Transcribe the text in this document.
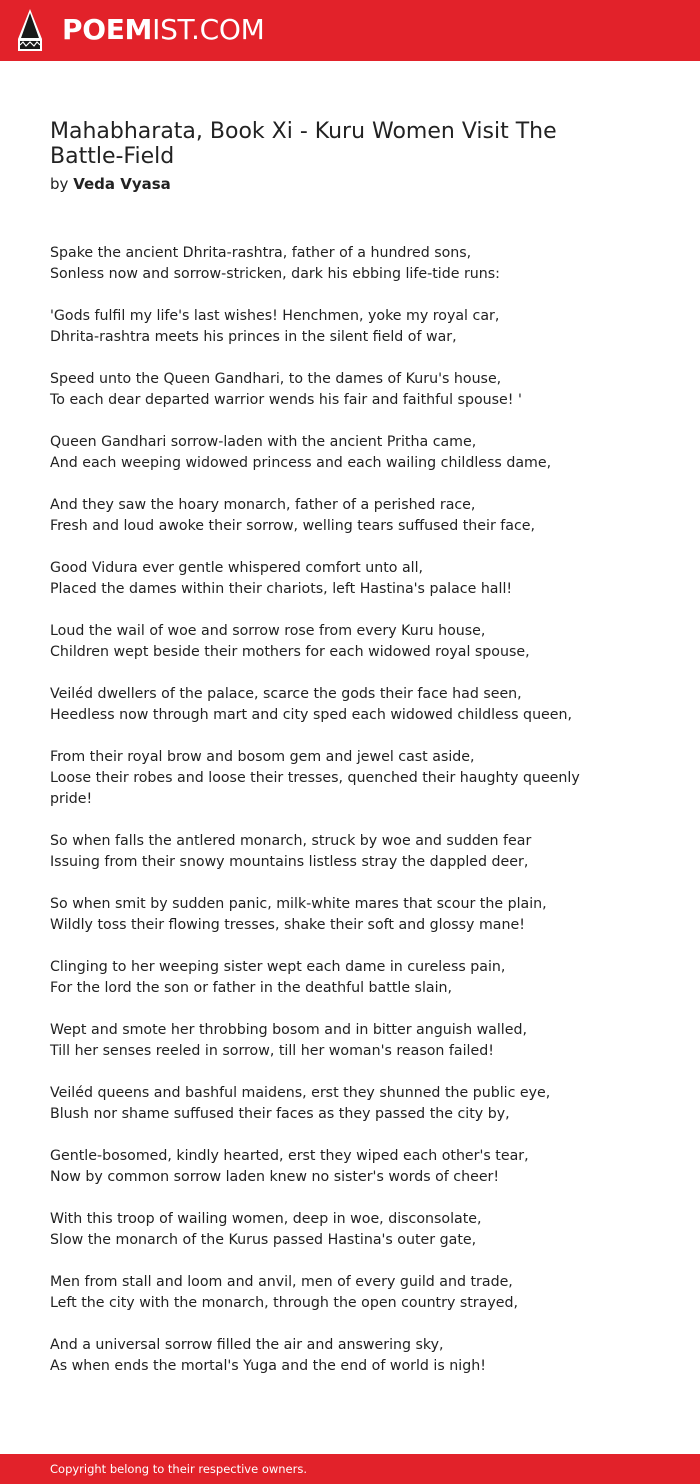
POEMIST.COM
Mahabharata, Book Xi - Kuru Women Visit The Battle-Field
by Veda Vyasa
Spake the ancient Dhrita-rashtra, father of a hundred sons,
Sonless now and sorrow-stricken, dark his ebbing life-tide runs:
'Gods fulfil my life's last wishes! Henchmen, yoke my royal car,
Dhrita-rashtra meets his princes in the silent field of war,
Speed unto the Queen Gandhari, to the dames of Kuru's house,
To each dear departed warrior wends his fair and faithful spouse! '
Queen Gandhari sorrow-laden with the ancient Pritha came,
And each weeping widowed princess and each wailing childless dame,
And they saw the hoary monarch, father of a perished race,
Fresh and loud awoke their sorrow, welling tears suffused their face,
Good Vidura ever gentle whispered comfort unto all,
Placed the dames within their chariots, left Hastina's palace hall!
Loud the wail of woe and sorrow rose from every Kuru house,
Children wept beside their mothers for each widowed royal spouse,
Veiléd dwellers of the palace, scarce the gods their face had seen,
Heedless now through mart and city sped each widowed childless queen,
From their royal brow and bosom gem and jewel cast aside,
Loose their robes and loose their tresses, quenched their haughty queenly pride!
So when falls the antlered monarch, struck by woe and sudden fear
Issuing from their snowy mountains listless stray the dappled deer,
So when smit by sudden panic, milk-white mares that scour the plain,
Wildly toss their flowing tresses, shake their soft and glossy mane!
Clinging to her weeping sister wept each dame in cureless pain,
For the lord the son or father in the deathful battle slain,
Wept and smote her throbbing bosom and in bitter anguish walled,
Till her senses reeled in sorrow, till her woman's reason failed!
Veiléd queens and bashful maidens, erst they shunned the public eye,
Blush nor shame suffused their faces as they passed the city by,
Gentle-bosomed, kindly hearted, erst they wiped each other's tear,
Now by common sorrow laden knew no sister's words of cheer!
With this troop of wailing women, deep in woe, disconsolate,
Slow the monarch of the Kurus passed Hastina's outer gate,
Men from stall and loom and anvil, men of every guild and trade,
Left the city with the monarch, through the open country strayed,
And a universal sorrow filled the air and answering sky,
As when ends the mortal's Yuga and the end of world is nigh!
Copyright belong to their respective owners.
